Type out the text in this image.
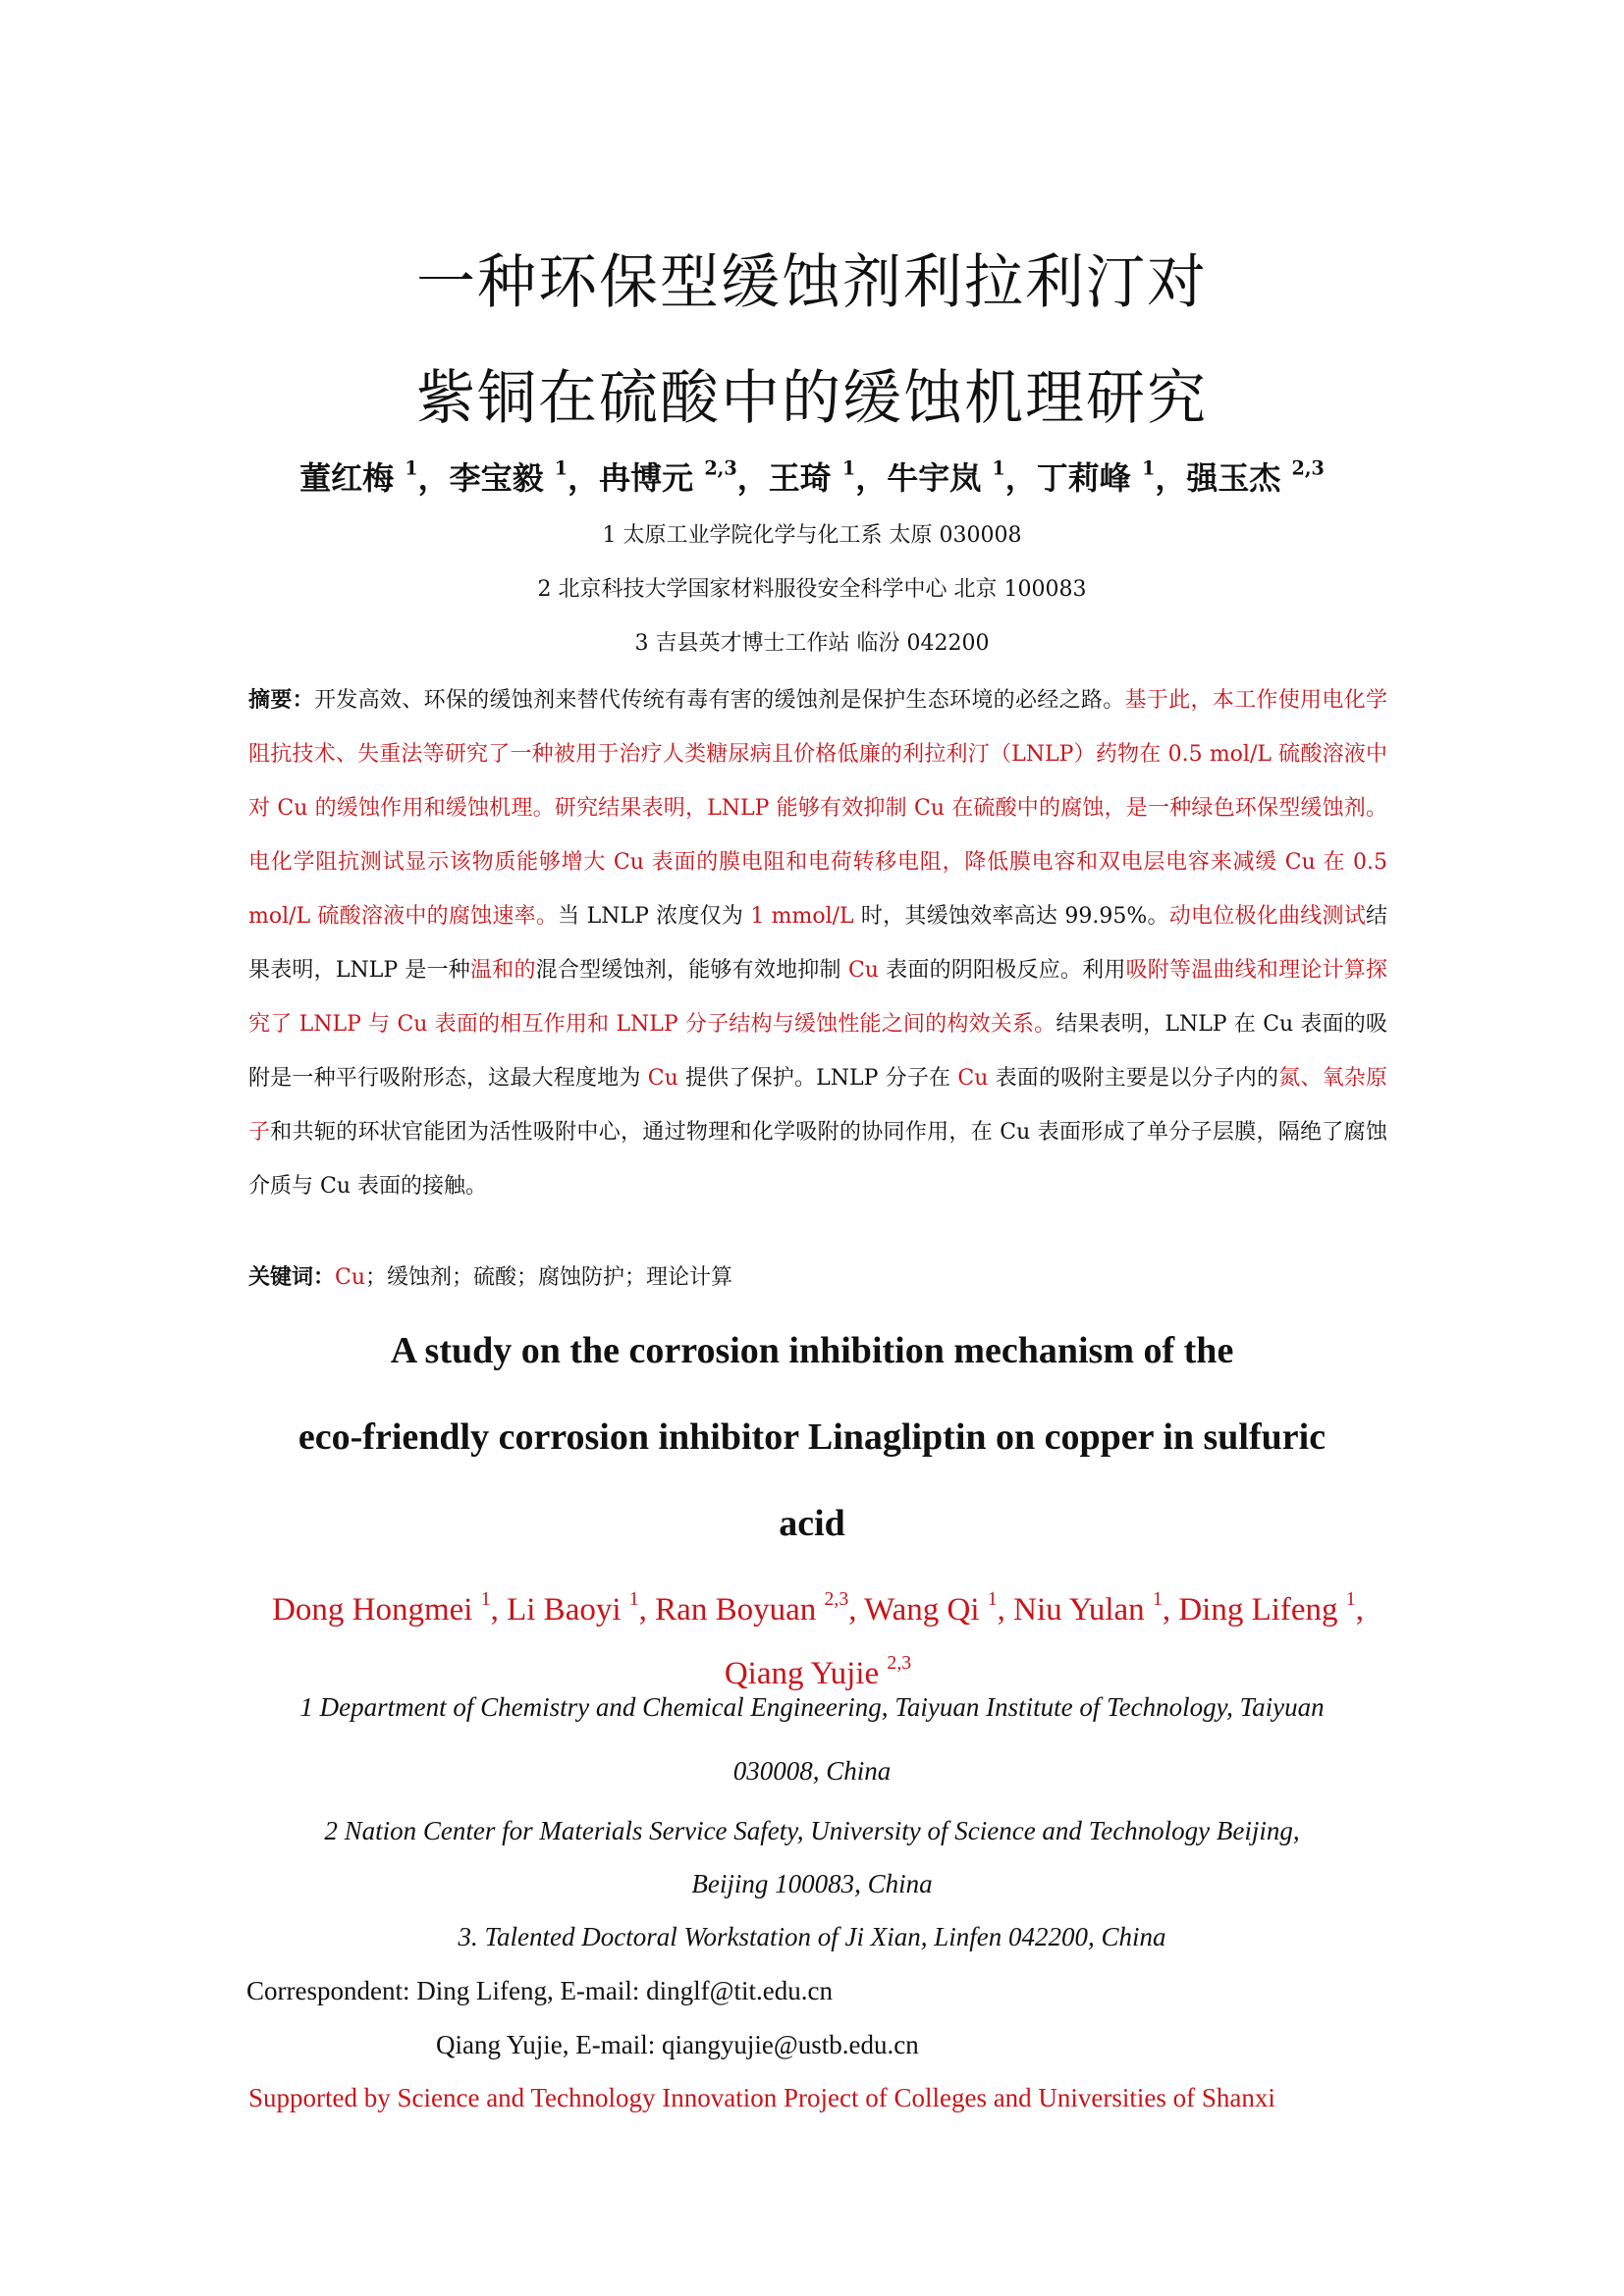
一种环保型缓蚀剂利拉利汀对
紫铜在硫酸中的缓蚀机理研究
董红梅 $^1$，李宝毅 $^1$，冉博元 $^{2,3}$，王琦 $^1$，牛宇岚 $^1$，丁莉峰 $^1$，强玉杰 $^{2,3}$
1 太原工业学院化学与化工系 太原 030008
2 北京科技大学国家材料服役安全科学中心 北京 100083
3 吉县英才博士工作站 临汾 042200
摘要：开发高效、环保的缓蚀剂来替代传统有毒有害的缓蚀剂是保护生态环境的必经之路。基于此，本工作使用电化学阻抗技术、失重法等研究了一种被用于治疗人类糖尿病且价格低廉的利拉利汀（LNLP）药物在 0.5 mol/L 硫酸溶液中对 Cu 的缓蚀作用和缓蚀机理。研究结果表明，LNLP 能够有效抑制 Cu 在硫酸中的腐蚀，是一种绿色环保型缓蚀剂。电化学阻抗测试显示该物质能够增大 Cu 表面的膜电阻和电荷转移电阻，降低膜电容和双电层电容来减缓 Cu 在 0.5 mol/L 硫酸溶液中的腐蚀速率。当 LNLP 浓度仅为 1 mmol/L 时，其缓蚀效率高达 99.95%。动电位极化曲线测试结果表明，LNLP 是一种温和的混合型缓蚀剂，能够有效地抑制 Cu 表面的阴阳极反应。利用吸附等温曲线和理论计算探究了 LNLP 与 Cu 表面的相互作用和 LNLP 分子结构与缓蚀性能之间的构效关系。结果表明，LNLP 在 Cu 表面的吸附是一种平行吸附形态，这最大程度地为 Cu 提供了保护。LNLP 分子在 Cu 表面的吸附主要是以分子内的氮、氧杂原子和共轭的环状官能团为活性吸附中心，通过物理和化学吸附的协同作用，在 Cu 表面形成了单分子层膜，隔绝了腐蚀介质与 Cu 表面的接触。
关键词：Cu；缓蚀剂；硫酸；腐蚀防护；理论计算
A study on the corrosion inhibition mechanism of the
eco-friendly corrosion inhibitor Linagliptin on copper in sulfuric
acid
Dong Hongmei $^1$, Li Baoyi $^1$, Ran Boyuan $^{2,3}$, Wang Qi $^1$, Niu Yulan $^1$, Ding Lifeng $^1$, Qiang Yujie $^{2,3}$
1 Department of Chemistry and Chemical Engineering, Taiyuan Institute of Technology, Taiyuan
030008, China
2 Nation Center for Materials Service Safety, University of Science and Technology Beijing,
Beijing 100083, China
3. Talented Doctoral Workstation of Ji Xian, Linfen 042200, China
Correspondent: Ding Lifeng, E-mail: dinglf@tit.edu.cn
Qiang Yujie, E-mail: qiangyujie@ustb.edu.cn
Supported by Science and Technology Innovation Project of Colleges and Universities of Shanxi
